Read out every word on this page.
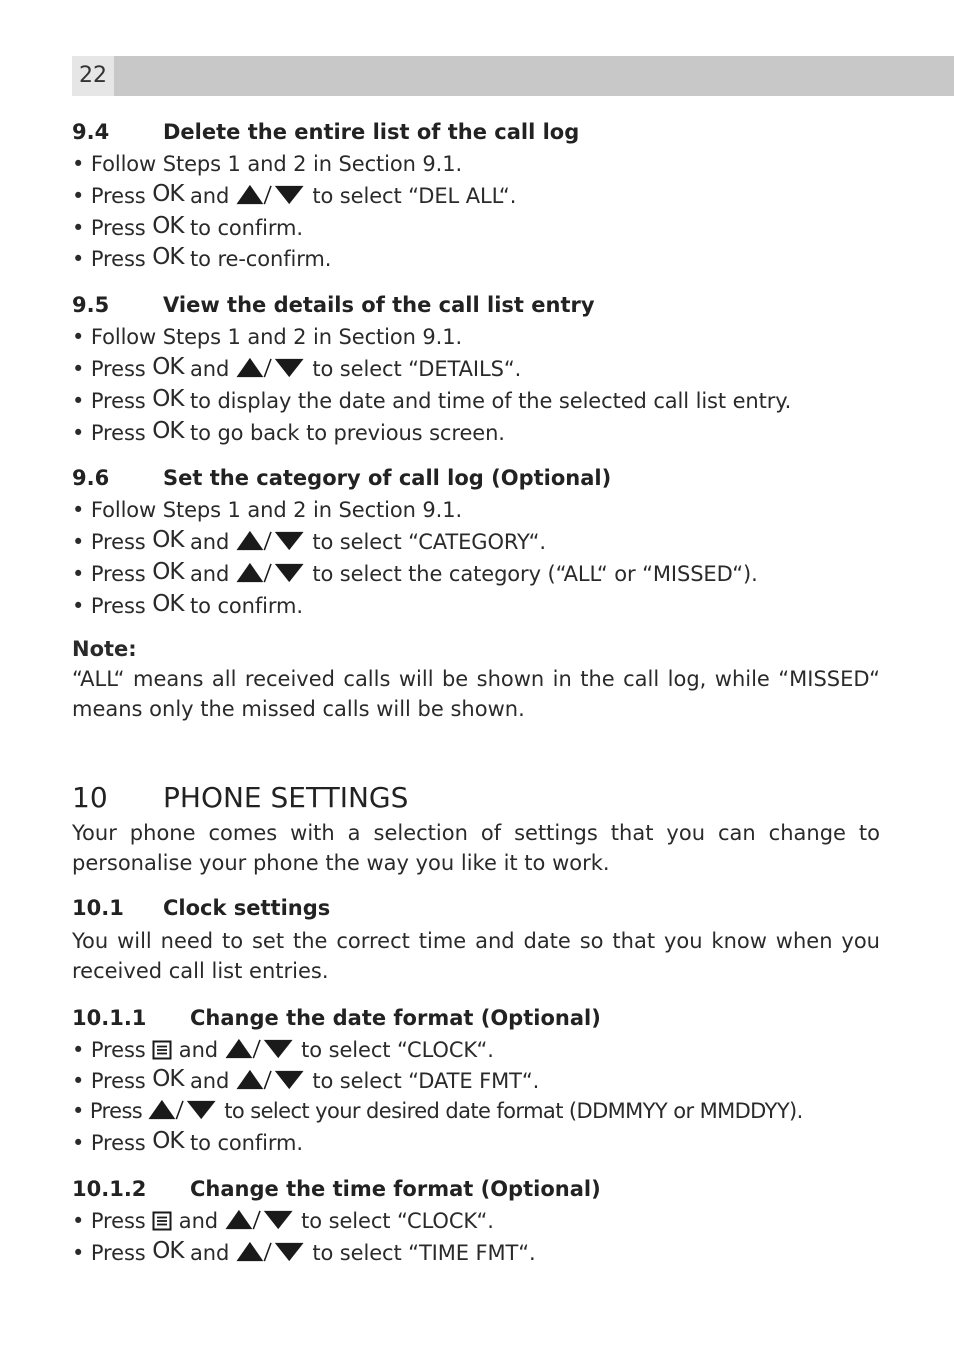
22
9.4	Delete the entire list of the call log

• Follow Steps 1 and 2 in Section 9.1.

• Press OK and	to select “DEL ALL“.

• Press OK to confirm.

• Press OK to re-confirm.

9.5	View the details of the call list entry

• Follow Steps 1 and 2 in Section 9.1.

• Press OK and	to select “DETAILS“.

• Press OK to display the date and time of the selected call list entry.

• Press OK to go back to previous screen.

9.6	Set the category of call log (Optional)

• Follow Steps 1 and 2 in Section 9.1.

• Press OK and	to select “CATEGORY“.

• Press OK and	to select the category (“ALL“ or “MISSED“).

• Press OK to confirm.

Note:

“ALL“ means all received calls will be shown in the call log, while “MISSED“ means only the missed calls will be shown.

10	PHONE SETTINGS

Your phone comes with a selection of settings that you can change to personalise your phone the way you like it to work.

10.1	Clock settings

You will need to set the correct time and date so that you know when you received call list entries.

10.1.1	Change the date format (Optional)

• Press  and	to select “CLOCK“.

• Press OK and	to select “DATE FMT“.

• Press	to select your desired date format (DDMMYY or MMDDYY).

• Press OK to confirm.

10.1.2	Change the time format (Optional)

• Press  and	to select “CLOCK“.

• Press OK and	to select “TIME FMT“.
